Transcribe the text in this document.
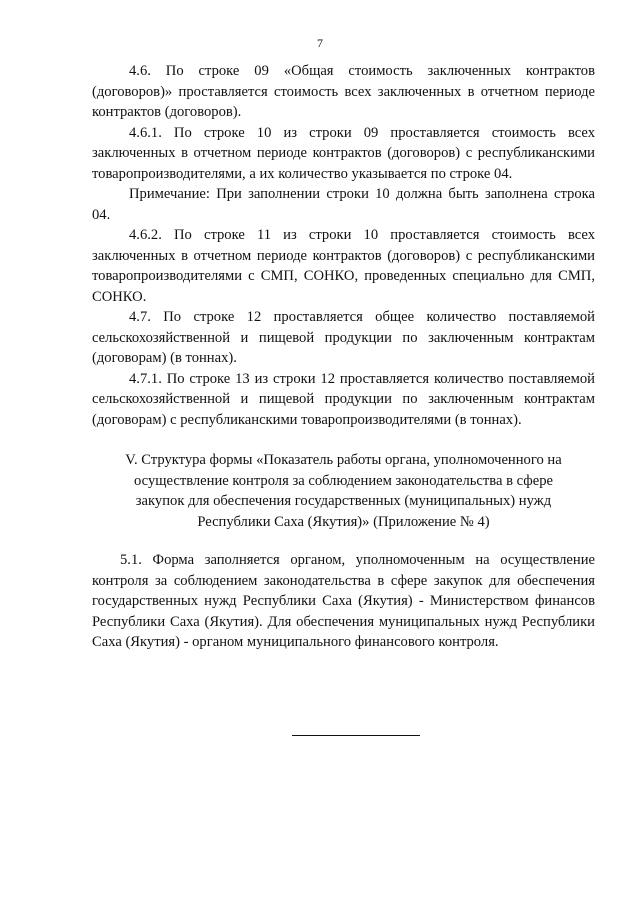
7

4.6. По строке 09 «Общая стоимость заключенных контрактов (договоров)» проставляется стоимость всех заключенных в отчетном периоде контрактов (договоров).

4.6.1. По строке 10 из строки 09 проставляется стоимость всех заключенных в отчетном периоде контрактов (договоров) с республиканскими товаропроизводителями, а их количество указывается по строке 04.

Примечание: При заполнении строки 10 должна быть заполнена строка 04.

4.6.2. По строке 11 из строки 10 проставляется стоимость всех заключенных в отчетном периоде контрактов (договоров) с республиканскими товаропроизводителями с СМП, СОНКО, проведенных специально для СМП, СОНКО.

4.7. По строке 12 проставляется общее количество поставляемой сельскохозяйственной и пищевой продукции по заключенным контрактам (договорам) (в тоннах).

4.7.1. По строке 13 из строки 12 проставляется количество поставляемой сельскохозяйственной и пищевой продукции по заключенным контрактам (договорам) с республиканскими товаропроизводителями (в тоннах).

V. Структура формы «Показатель работы органа, уполномоченного на осуществление контроля за соблюдением законодательства в сфере закупок для обеспечения государственных (муниципальных) нужд Республики Саха (Якутия)» (Приложение № 4)

5.1. Форма заполняется органом, уполномоченным на осуществление контроля за соблюдением законодательства в сфере закупок для обеспечения государственных нужд Республики Саха (Якутия) - Министерством финансов Республики Саха (Якутия). Для обеспечения муниципальных нужд Республики Саха (Якутия) - органом муниципального финансового контроля.
